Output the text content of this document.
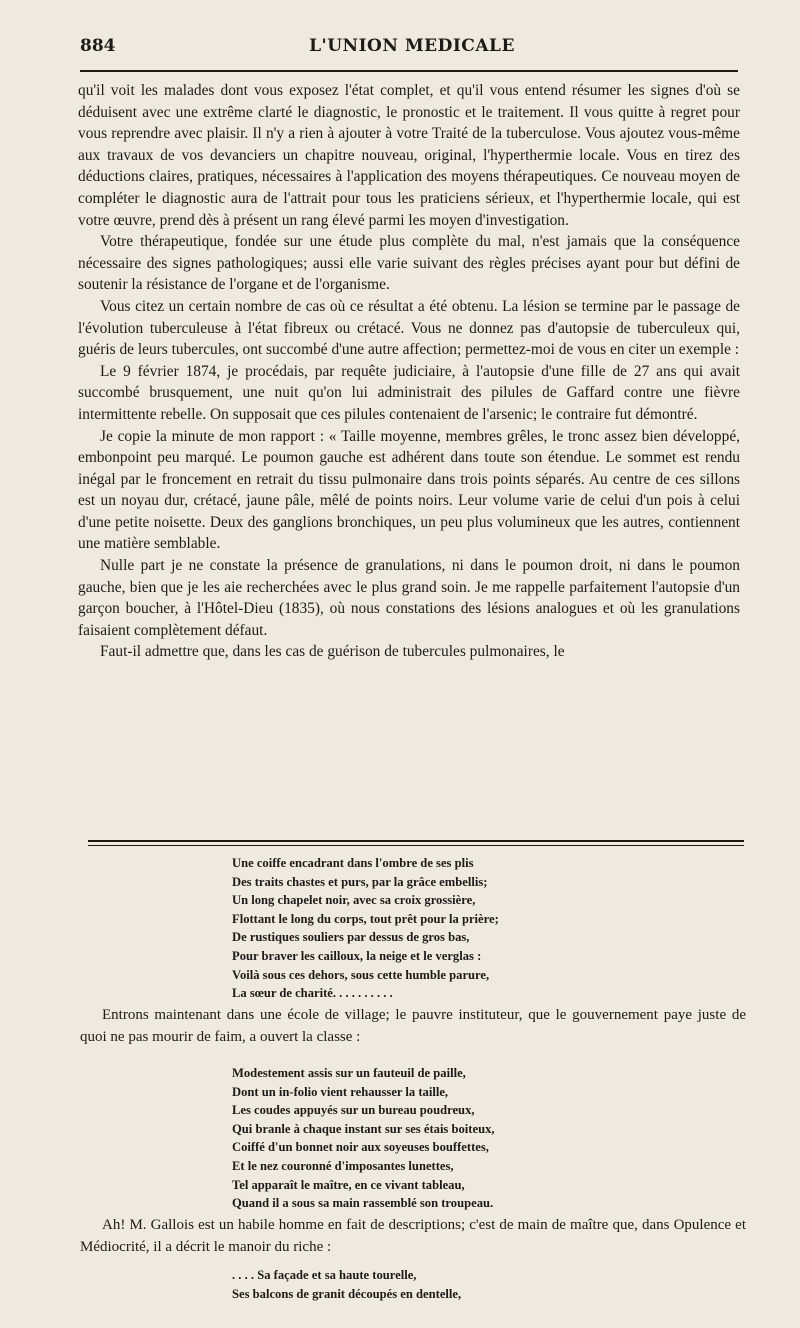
884	L'UNION MEDICALE

qu'il voit les malades dont vous exposez l'état complet, et qu'il vous entend résumer les signes d'où se déduisent avec une extrême clarté le diagnostic, le pronostic et le traitement. Il vous quitte à regret pour vous reprendre avec plaisir. Il n'y a rien à ajouter à votre Traité de la tuberculose. Vous ajoutez vous-même aux travaux de vos devanciers un chapitre nouveau, original, l'hyperthermie locale. Vous en tirez des déductions claires, pratiques, nécessaires à l'application des moyens thérapeutiques. Ce nouveau moyen de compléter le diagnostic aura de l'attrait pour tous les praticiens sérieux, et l'hyperthermie locale, qui est votre œuvre, prend dès à présent un rang élevé parmi les moyen d'investigation.

Votre thérapeutique, fondée sur une étude plus complète du mal, n'est jamais que la conséquence nécessaire des signes pathologiques; aussi elle varie suivant des règles précises ayant pour but défini de soutenir la résistance de l'organe et de l'organisme.

Vous citez un certain nombre de cas où ce résultat a été obtenu. La lésion se termine par le passage de l'évolution tuberculeuse à l'état fibreux ou crétacé. Vous ne donnez pas d'autopsie de tuberculeux qui, guéris de leurs tubercules, ont succombé d'une autre affection; permettez-moi de vous en citer un exemple :

Le 9 février 1874, je procédais, par requête judiciaire, à l'autopsie d'une fille de 27 ans qui avait succombé brusquement, une nuit qu'on lui administrait des pilules de Gaffard contre une fièvre intermittente rebelle. On supposait que ces pilules contenaient de l'arsenic; le contraire fut démontré.

Je copie la minute de mon rapport : « Taille moyenne, membres grêles, le tronc assez bien développé, embonpoint peu marqué. Le poumon gauche est adhérent dans toute son étendue. Le sommet est rendu inégal par le froncement en retrait du tissu pulmonaire dans trois points séparés. Au centre de ces sillons est un noyau dur, crétacé, jaune pâle, mêlé de points noirs. Leur volume varie de celui d'un pois à celui d'une petite noisette. Deux des ganglions bronchiques, un peu plus volumineux que les autres, contiennent une matière semblable.

Nulle part je ne constate la présence de granulations, ni dans le poumon droit, ni dans le poumon gauche, bien que je les aie recherchées avec le plus grand soin. Je me rappelle parfaitement l'autopsie d'un garçon boucher, à l'Hôtel-Dieu (1835), où nous constations des lésions analogues et où les granulations faisaient complètement défaut.

Faut-il admettre que, dans les cas de guérison de tubercules pulmonaires, le

Une coiffe encadrant dans l'ombre de ses plis
Des traits chastes et purs, par la grâce embellis;
Un long chapelet noir, avec sa croix grossière,
Flottant le long du corps, tout prêt pour la prière;
De rustiques souliers par dessus de gros bas,
Pour braver les cailloux, la neige et le verglas :
Voilà sous ces dehors, sous cette humble parure,
La sœur de charité. . . . . . . . . .

Entrons maintenant dans une école de village; le pauvre instituteur, que le gouvernement paye juste de quoi ne pas mourir de faim, a ouvert la classe :

Modestement assis sur un fauteuil de paille,
Dont un in-folio vient rehausser la taille,
Les coudes appuyés sur un bureau poudreux,
Qui branle à chaque instant sur ses étais boiteux,
Coiffé d'un bonnet noir aux soyeuses bouffettes,
Et le nez couronné d'imposantes lunettes,
Tel apparaît le maître, en ce vivant tableau,
Quand il a sous sa main rassemblé son troupeau.

Ah! M. Gallois est un habile homme en fait de descriptions; c'est de main de maître que, dans Opulence et Médiocrité, il a décrit le manoir du riche :

. . . . Sa façade et sa haute tourelle,
Ses balcons de granit découpés en dentelle,
